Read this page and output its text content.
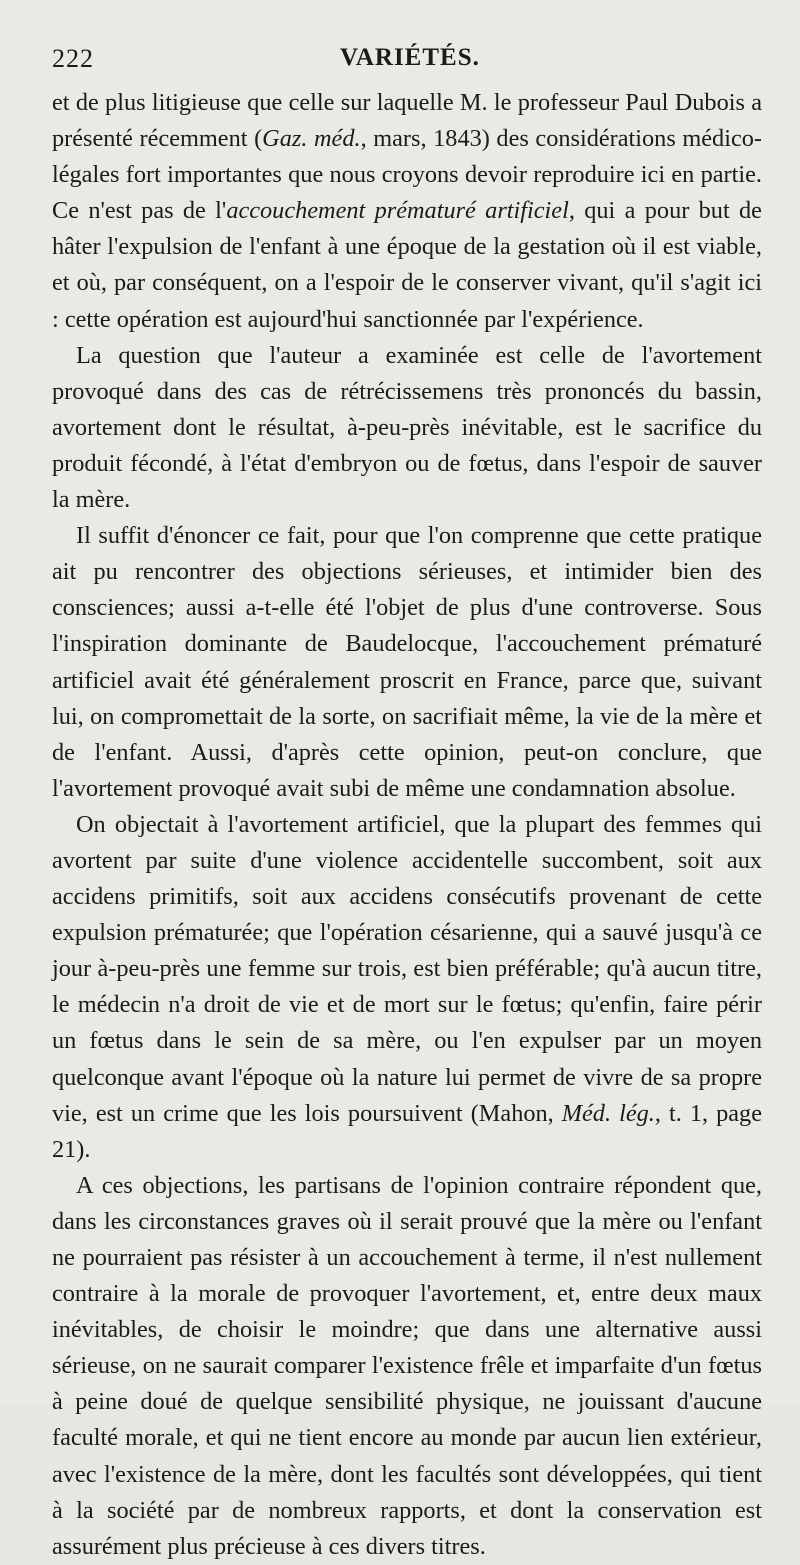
222	VARIÉTÉS.

et de plus litigieuse que celle sur laquelle M. le professeur Paul Dubois a présenté récemment (Gaz. méd., mars, 1843) des considérations médico-légales fort importantes que nous croyons devoir reproduire ici en partie. Ce n'est pas de l'accouchement prématuré artificiel, qui a pour but de hâter l'expulsion de l'enfant à une époque de la gestation où il est viable, et où, par conséquent, on a l'espoir de le conserver vivant, qu'il s'agit ici : cette opération est aujourd'hui sanctionnée par l'expérience.

La question que l'auteur a examinée est celle de l'avortement provoqué dans des cas de rétrécissemens très prononcés du bassin, avortement dont le résultat, à-peu-près inévitable, est le sacrifice du produit fécondé, à l'état d'embryon ou de fœtus, dans l'espoir de sauver la mère.

Il suffit d'énoncer ce fait, pour que l'on comprenne que cette pratique ait pu rencontrer des objections sérieuses, et intimider bien des consciences; aussi a-t-elle été l'objet de plus d'une controverse. Sous l'inspiration dominante de Baudelocque, l'accouchement prématuré artificiel avait été généralement proscrit en France, parce que, suivant lui, on compromettait de la sorte, on sacrifiait même, la vie de la mère et de l'enfant. Aussi, d'après cette opinion, peut-on conclure, que l'avortement provoqué avait subi de même une condamnation absolue.

On objectait à l'avortement artificiel, que la plupart des femmes qui avortent par suite d'une violence accidentelle succombent, soit aux accidens primitifs, soit aux accidens consécutifs provenant de cette expulsion prématurée; que l'opération césarienne, qui a sauvé jusqu'à ce jour à-peu-près une femme sur trois, est bien préférable; qu'à aucun titre, le médecin n'a droit de vie et de mort sur le fœtus; qu'enfin, faire périr un fœtus dans le sein de sa mère, ou l'en expulser par un moyen quelconque avant l'époque où la nature lui permet de vivre de sa propre vie, est un crime que les lois poursuivent (Mahon, Méd. lég., t. 1, page 21).

A ces objections, les partisans de l'opinion contraire répondent que, dans les circonstances graves où il serait prouvé que la mère ou l'enfant ne pourraient pas résister à un accouchement à terme, il n'est nullement contraire à la morale de provoquer l'avortement, et, entre deux maux inévitables, de choisir le moindre; que dans une alternative aussi sérieuse, on ne saurait comparer l'existence frêle et imparfaite d'un fœtus à peine doué de quelque sensibilité physique, ne jouissant d'aucune faculté morale, et qui ne tient encore au monde par aucun lien extérieur, avec l'existence de la mère, dont les facultés sont développées, qui tient à la société par de nombreux rapports, et dont la conservation est assurément plus précieuse à ces divers titres.
